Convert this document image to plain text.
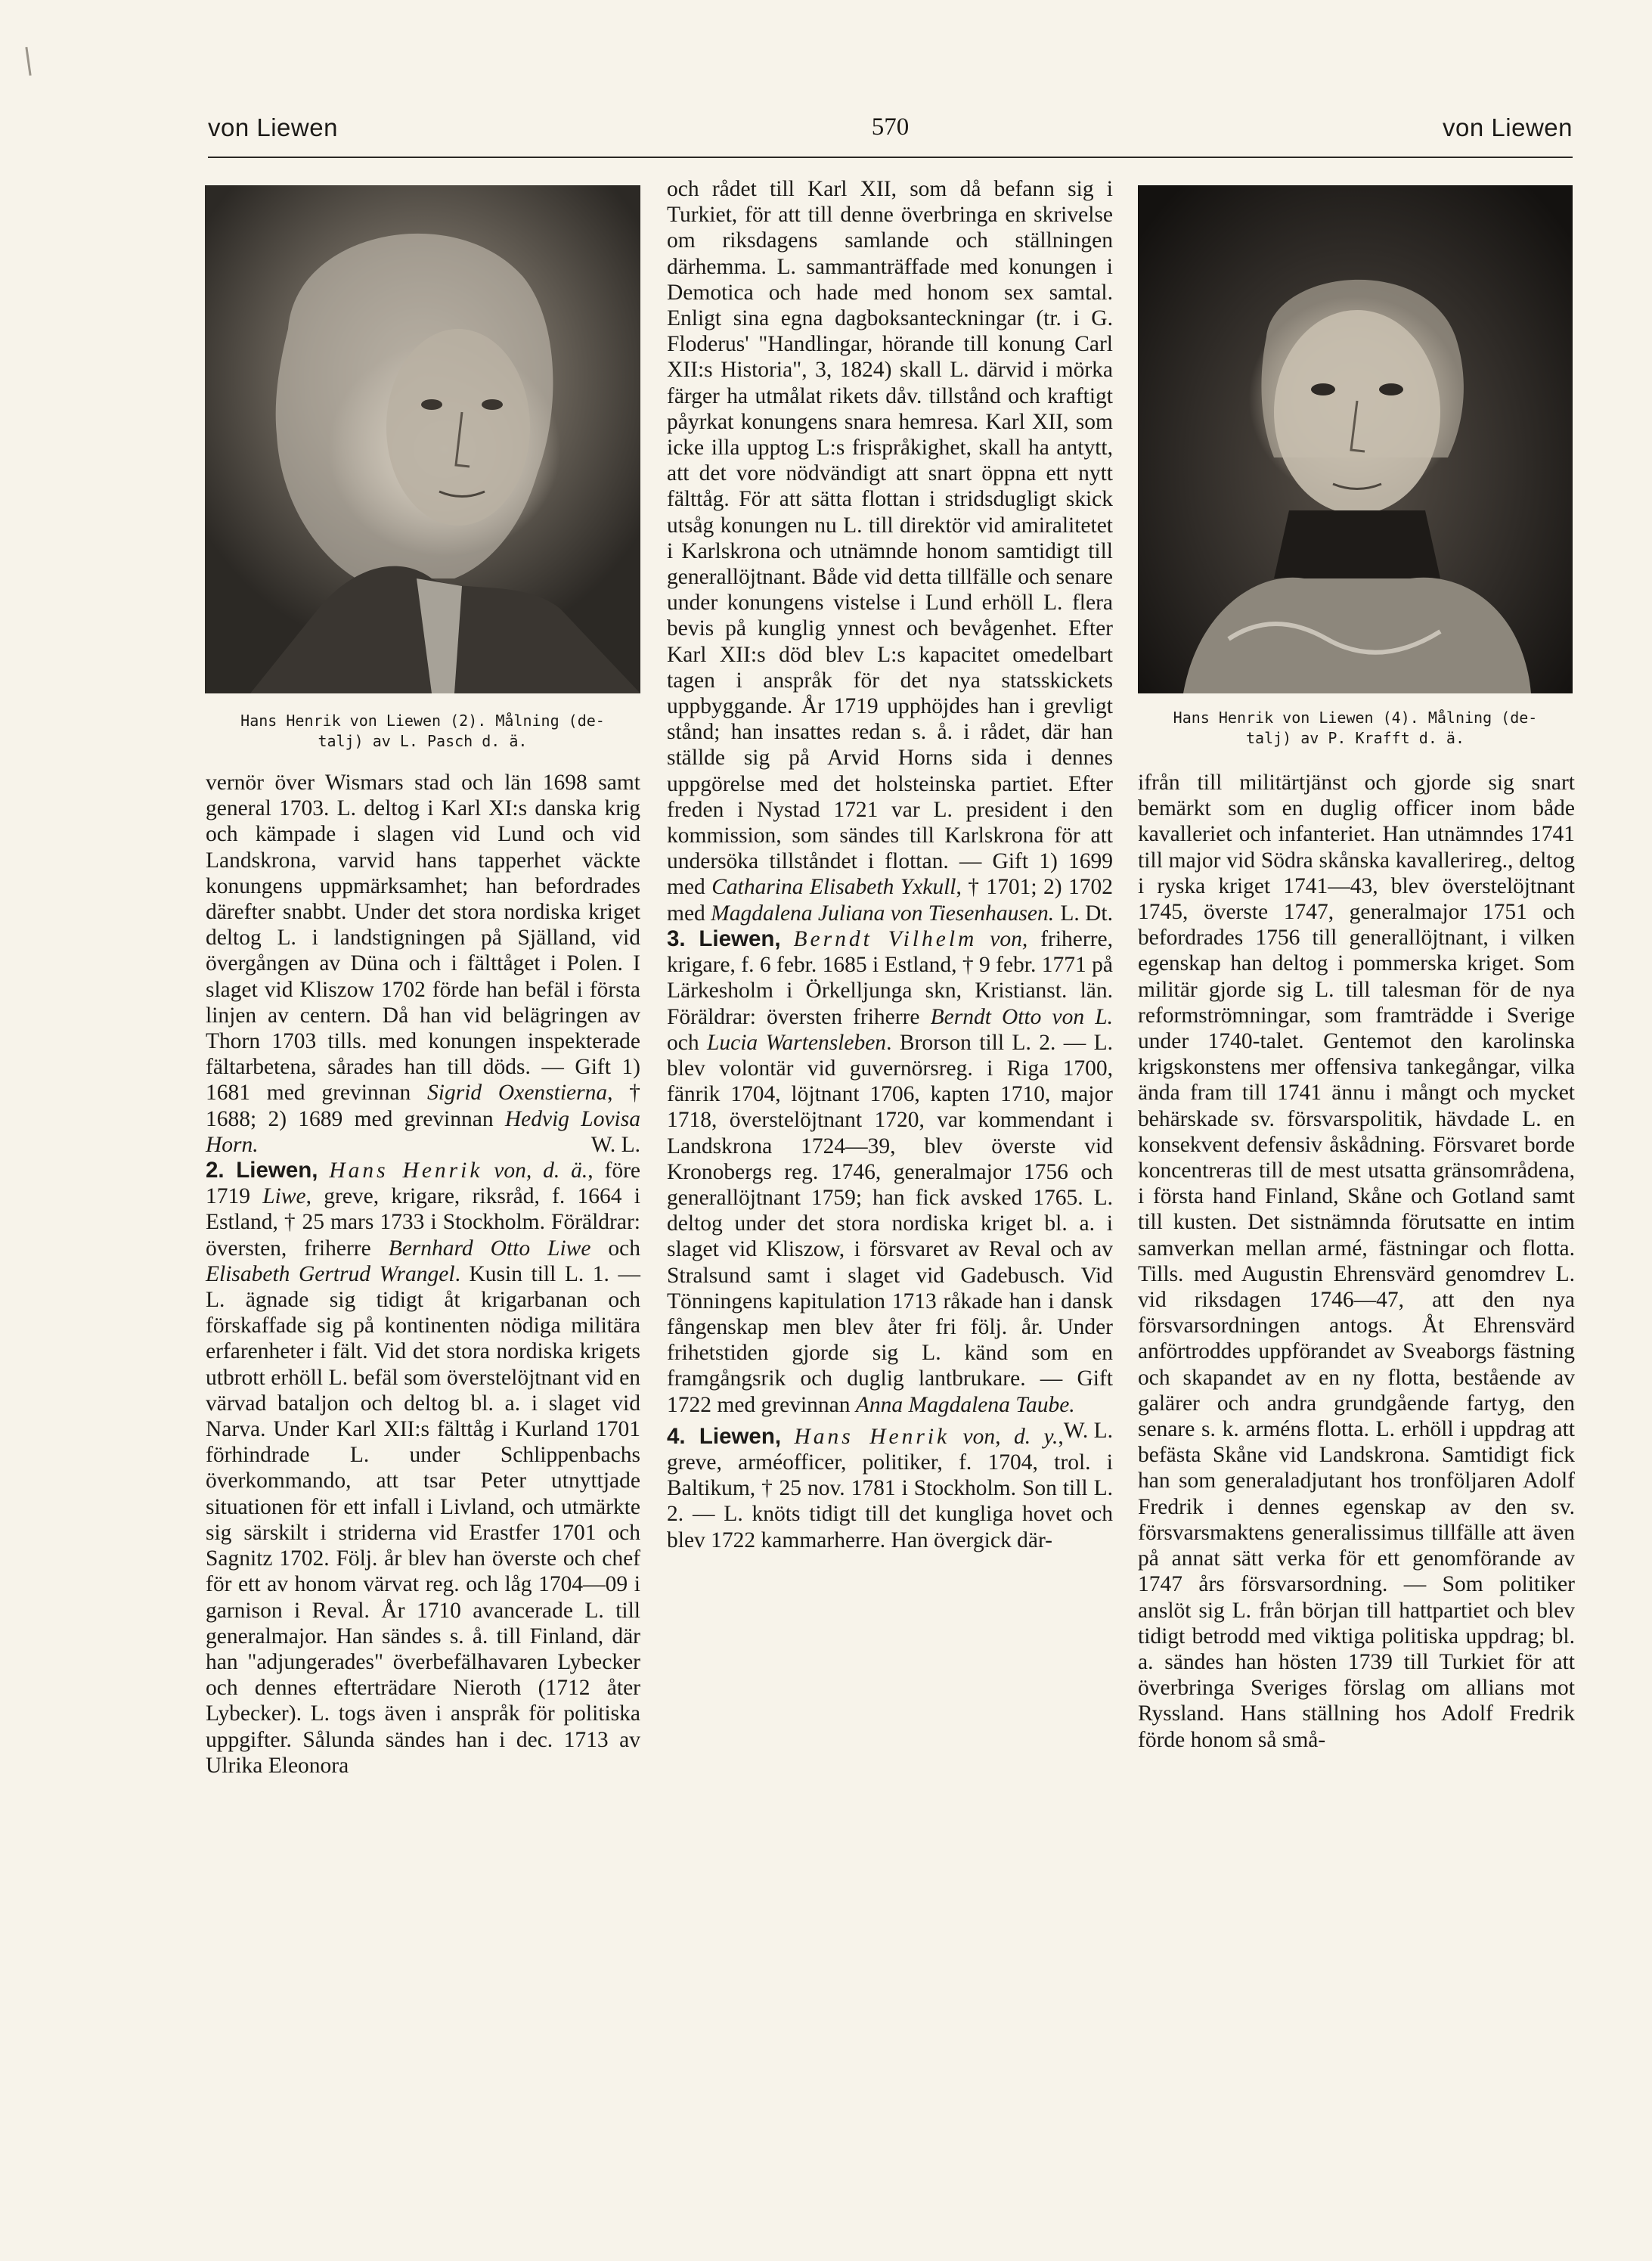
von Liewen	570	von Liewen
Hans Henrik von Liewen (2). Målning (de-
talj) av L. Pasch d. ä.
Hans Henrik von Liewen (4). Målning (de-
talj) av P. Krafft d. ä.

vernör över Wismars stad och län 1698 samt general 1703. L. deltog i Karl XI:s danska krig och kämpade i slagen vid Lund och vid Landskrona, varvid hans tapperhet väckte konungens uppmärksamhet; han befordrades därefter snabbt. Under det stora nordiska kriget deltog L. i landstigningen på Själland, vid övergången av Düna och i fälttåget i Polen. I slaget vid Kliszow 1702 förde han befäl i första linjen av centern. Då han vid belägringen av Thorn 1703 tills. med konungen inspekterade fältarbetena, sårades han till döds. — Gift 1) 1681 med grevinnan Sigrid Oxenstierna, † 1688; 2) 1689 med grevinnan Hedvig Lovisa Horn.	W. L.

2. Liewen, Hans Henrik von, d. ä., före 1719 Liwe, greve, krigare, riksråd, f. 1664 i Estland, † 25 mars 1733 i Stockholm. Föräldrar: översten, friherre Bernhard Otto Liwe och Elisabeth Gertrud Wrangel. Kusin till L. 1. — L. ägnade sig tidigt åt krigarbanan och förskaffade sig på kontinenten nödiga militära erfarenheter i fält. Vid det stora nordiska krigets utbrott erhöll L. befäl som överstelöjtnant vid en värvad bataljon och deltog bl. a. i slaget vid Narva. Under Karl XII:s fälttåg i Kurland 1701 förhindrade L. under Schlippenbachs överkommando, att tsar Peter utnyttjade situationen för ett infall i Livland, och utmärkte sig särskilt i striderna vid Erastfer 1701 och Sagnitz 1702. Följ. år blev han överste och chef för ett av honom värvat reg. och låg 1704—09 i garnison i Reval. År 1710 avancerade L. till generalmajor. Han sändes s. å. till Finland, där han "adjungerades" överbefälhavaren Lybecker och dennes efterträdare Nieroth (1712 åter Lybecker). L. togs även i anspråk för politiska uppgifter. Sålunda sändes han i dec. 1713 av Ulrika Eleonora

och rådet till Karl XII, som då befann sig i Turkiet, för att till denne överbringa en skrivelse om riksdagens samlande och ställningen därhemma. L. sammanträffade med konungen i Demotica och hade med honom sex samtal. Enligt sina egna dagboksanteckningar (tr. i G. Floderus' "Handlingar, hörande till konung Carl XII:s Historia", 3, 1824) skall L. därvid i mörka färger ha utmålat rikets dåv. tillstånd och kraftigt påyrkat konungens snara hemresa. Karl XII, som icke illa upptog L:s frispråkighet, skall ha antytt, att det vore nödvändigt att snart öppna ett nytt fälttåg. För att sätta flottan i stridsdugligt skick utsåg konungen nu L. till direktör vid amiralitetet i Karlskrona och utnämnde honom samtidigt till generallöjtnant. Både vid detta tillfälle och senare under konungens vistelse i Lund erhöll L. flera bevis på kunglig ynnest och bevågenhet. Efter Karl XII:s död blev L:s kapacitet omedelbart tagen i anspråk för det nya statsskickets uppbyggande. År 1719 upphöjdes han i grevligt stånd; han insattes redan s. å. i rådet, där han ställde sig på Arvid Horns sida i dennes uppgörelse med det holsteinska partiet. Efter freden i Nystad 1721 var L. president i den kommission, som sändes till Karlskrona för att undersöka tillståndet i flottan. — Gift 1) 1699 med Catharina Elisabeth Yxkull, † 1701; 2) 1702 med Magdalena Juliana von Tiesenhausen. L. Dt.

3. Liewen, Berndt Vilhelm von, friherre, krigare, f. 6 febr. 1685 i Estland, † 9 febr. 1771 på Lärkesholm i Örkelljunga skn, Kristianst. län. Föräldrar: översten friherre Berndt Otto von L. och Lucia Wartensleben. Brorson till L. 2. — L. blev volontär vid guvernörsreg. i Riga 1700, fänrik 1704, löjtnant 1706, kapten 1710, major 1718, överstelöjtnant 1720, var kommendant i Landskrona 1724—39, blev överste vid Kronobergs reg. 1746, generalmajor 1756 och generallöjtnant 1759; han fick avsked 1765. L. deltog under det stora nordiska kriget bl. a. i slaget vid Kliszow, i försvaret av Reval och av Stralsund samt i slaget vid Gadebusch. Vid Tönningens kapitulation 1713 råkade han i dansk fångenskap men blev åter fri följ. år. Under frihetstiden gjorde sig L. känd som en framgångsrik och duglig lantbrukare. — Gift 1722 med grevinnan Anna Magdalena Taube.
W. L.

4. Liewen, Hans Henrik von, d. y., greve, arméofficer, politiker, f. 1704, trol. i Baltikum, † 25 nov. 1781 i Stockholm. Son till L. 2. — L. knöts tidigt till det kungliga hovet och blev 1722 kammarherre. Han övergick där-

ifrån till militärtjänst och gjorde sig snart bemärkt som en duglig officer inom både kavalleriet och infanteriet. Han utnämndes 1741 till major vid Södra skånska kavallerireg., deltog i ryska kriget 1741—43, blev överstelöjtnant 1745, överste 1747, generalmajor 1751 och befordrades 1756 till generallöjtnant, i vilken egenskap han deltog i pommerska kriget. Som militär gjorde sig L. till talesman för de nya reformströmningar, som framträdde i Sverige under 1740-talet. Gentemot den karolinska krigskonstens mer offensiva tankegångar, vilka ända fram till 1741 ännu i mångt och mycket behärskade sv. försvarspolitik, hävdade L. en konsekvent defensiv åskådning. Försvaret borde koncentreras till de mest utsatta gränsområdena, i första hand Finland, Skåne och Gotland samt till kusten. Det sistnämnda förutsatte en intim samverkan mellan armé, fästningar och flotta. Tills. med Augustin Ehrensvärd genomdrev L. vid riksdagen 1746—47, att den nya försvarsordningen antogs. Åt Ehrensvärd anförtroddes uppförandet av Sveaborgs fästning och skapandet av en ny flotta, bestående av galärer och andra grundgående fartyg, den senare s. k. arméns flotta. L. erhöll i uppdrag att befästa Skåne vid Landskrona. Samtidigt fick han som generaladjutant hos tronföljaren Adolf Fredrik i dennes egenskap av den sv. försvarsmaktens generalissimus tillfälle att även på annat sätt verka för ett genomförande av 1747 års försvarsordning. — Som politiker anslöt sig L. från början till hattpartiet och blev tidigt betrodd med viktiga politiska uppdrag; bl. a. sändes han hösten 1739 till Turkiet för att överbringa Sveriges förslag om allians mot Ryssland. Hans ställning hos Adolf Fredrik förde honom så små-
